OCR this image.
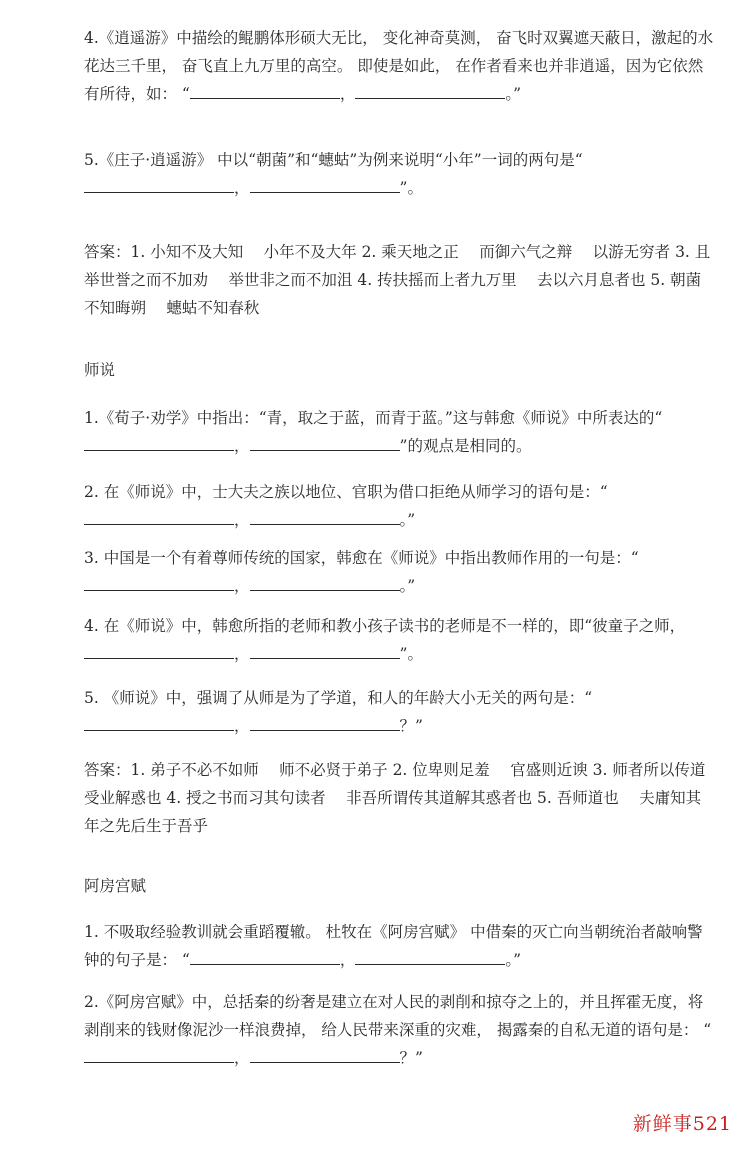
4.《逍遥游》中描绘的鲲鹏体形硕大无比， 变化神奇莫测， 奋飞时双翼遮天蔽日，激起的水花达三千里， 奋飞直上九万里的高空。 即使是如此， 在作者看来也并非逍遥，因为它依然有所待，如： “	，	。”

5.《庄子·逍遥游》 中以“朝菌”和“蟪蛄”为例来说明“小年”一词的两句是“，	”。

答案：1. 小知不及大知 　小年不及大年 2. 乘天地之正 　而御六气之辩 　以游无穷者 3. 且举世誉之而不加劝 　举世非之而不加沮 4. 抟扶摇而上者九万里 　去以六月息者也 5. 朝菌不知晦朔 　蟪蛄不知春秋

师说

1.《荀子·劝学》中指出：“青，取之于蓝，而青于蓝。”这与韩愈《师说》中所表达的“，	”的观点是相同的。

2. 在《师说》中，士大夫之族以地位、官职为借口拒绝从师学习的语句是：“，	。”

3. 中国是一个有着尊师传统的国家，韩愈在《师说》中指出教师作用的一句是：“，	。”

4. 在《师说》中，韩愈所指的老师和教小孩子读书的老师是不一样的，即“彼童子之师，，	”。

5. 《师说》中，强调了从师是为了学道，和人的年龄大小无关的两句是：“，	？”

答案：1. 弟子不必不如师 　师不必贤于弟子 2. 位卑则足羞 　官盛则近谀 3. 师者所以传道受业解惑也 4. 授之书而习其句读者 　非吾所谓传其道解其惑者也 5. 吾师道也 　夫庸知其年之先后生于吾乎

阿房宫赋

1. 不吸取经验教训就会重蹈覆辙。 杜牧在《阿房宫赋》 中借秦的灭亡向当朝统治者敲响警钟的句子是： “	，	。”

2.《阿房宫赋》中，总括秦的纷奢是建立在对人民的剥削和掠夺之上的，并且挥霍无度，将剥削来的钱财像泥沙一样浪费掉， 给人民带来深重的灾难， 揭露秦的自私无道的语句是： “，	？”

新鲜事521
